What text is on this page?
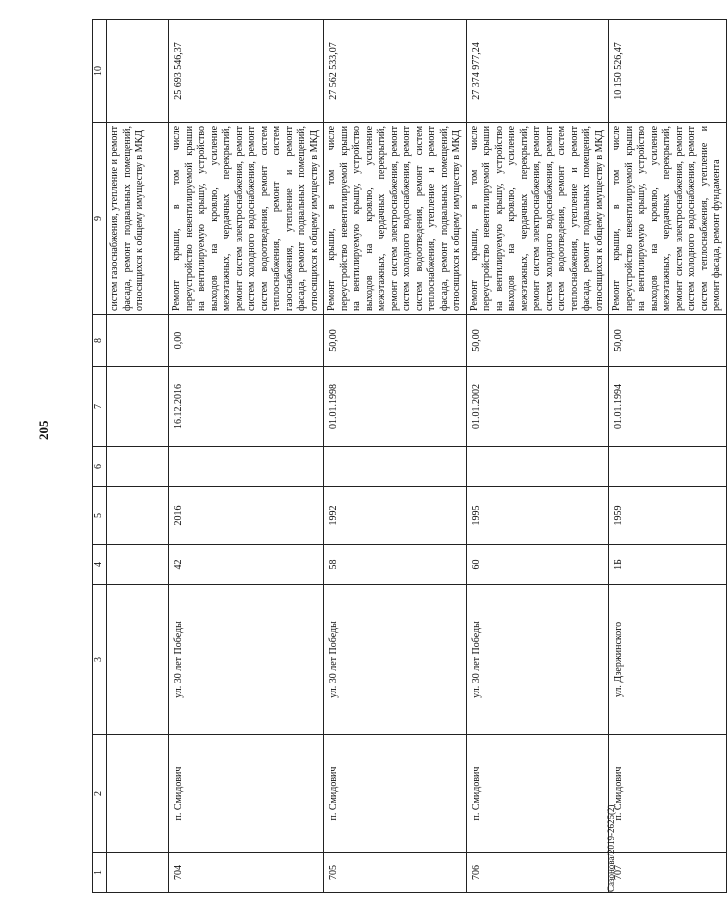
205
1	2	3	4	5	6	7	8	9	10
								систем газоснабжения, утепление и ремонт фасада, ремонт подвальных помещений, относящихся к общему имуществу в МКД	
704	п. Смидович	ул. 30 лет Победы	42	2016		16.12.2016	0,00	Ремонт крыши, в том числе переустройство невентилируемой крыши на вентилируемую крышу, устройство выходов на кровлю, усиление межэтажных, чердачных перекрытий, ремонт систем электроснабжения, ремонт систем холодного водоснабжения, ремонт систем водоотведения, ремонт систем теплоснабжения, ремонт систем газоснабжения, утепление и ремонт фасада, ремонт подвальных помещений, относящихся к общему имуществу в МКД	25 693 546,37
705	п. Смидович	ул. 30 лет Победы	58	1992		01.01.1998	50,00	Ремонт крыши, в том числе переустройство невентилируемой крыши на вентилируемую крышу, устройство выходов на кровлю, усиление межэтажных, чердачных перекрытий, ремонт систем электроснабжения, ремонт систем холодного водоснабжения, ремонт систем водоотведения, ремонт систем теплоснабжения, утепление и ремонт фасада, ремонт подвальных помещений, относящихся к общему имуществу в МКД	27 562 533,07
706	п. Смидович	ул. 30 лет Победы	60	1995		01.01.2002	50,00	Ремонт крыши, в том числе переустройство невентилируемой крыши на вентилируемую крышу, устройство выходов на кровлю, усиление межэтажных, чердачных перекрытий, ремонт систем электроснабжения, ремонт систем холодного водоснабжения, ремонт систем водоотведения, ремонт систем теплоснабжения, утепление и ремонт фасада, ремонт подвальных помещений, относящихся к общему имуществу в МКД	27 374 977,24
707	п. Смидович	ул. Дзержинского	1Б	1959		01.01.1994	50,00	Ремонт крыши, в том числе переустройство невентилируемой крыши на вентилируемую крышу, устройство выходов на кровлю, усиление межэтажных, чердачных перекрытий, ремонт систем электроснабжения, ремонт систем холодного водоснабжения, ремонт систем теплоснабжения, утепление и ремонт фасада, ремонт фундамента	10 150 526,47
Сазонова/2019-2625(2)
